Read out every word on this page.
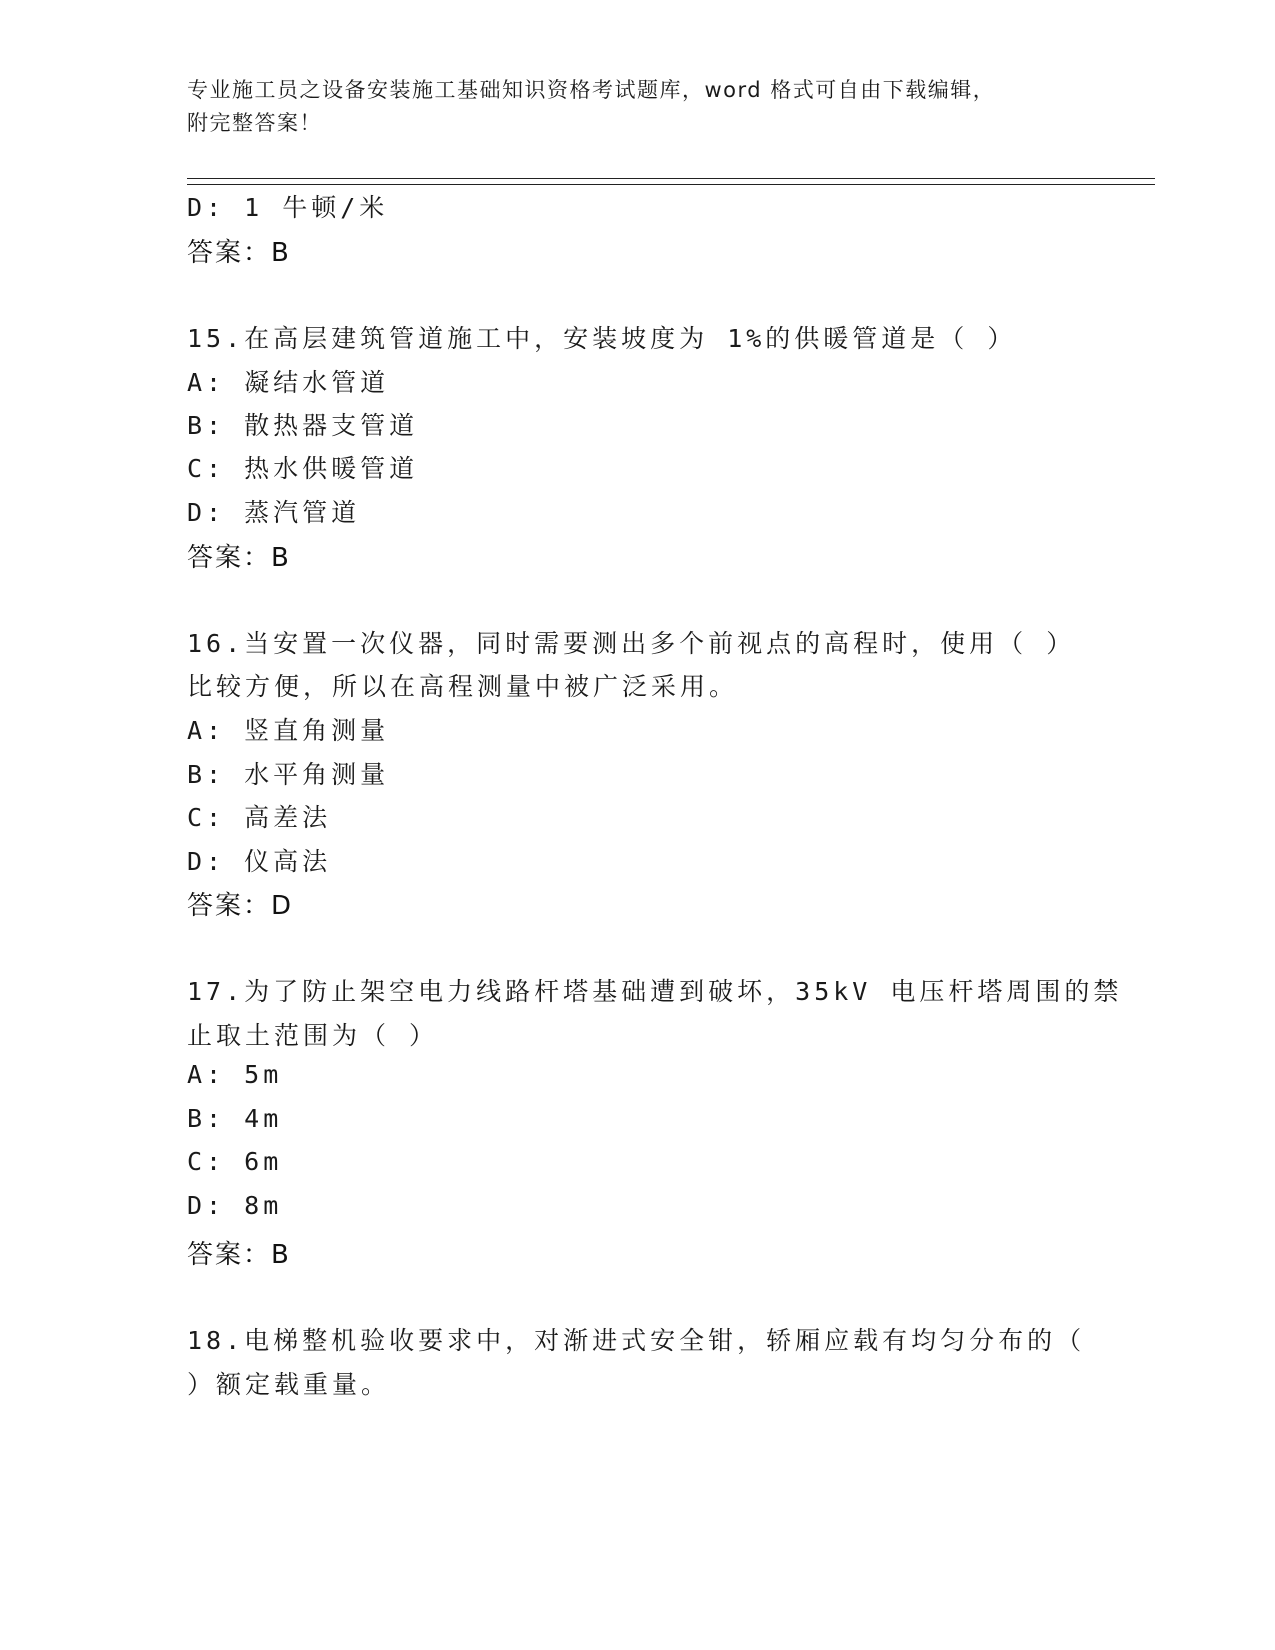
专业施工员之设备安装施工基础知识资格考试题库，word 格式可自由下载编辑，
附完整答案！
D: 1 牛顿/米
答案：B
15.在高层建筑管道施工中，安装坡度为 1%的供暖管道是（ ）
A: 凝结水管道
B: 散热器支管道
C: 热水供暖管道
D: 蒸汽管道
答案：B
16.当安置一次仪器，同时需要测出多个前视点的高程时，使用（ ）
比较方便，所以在高程测量中被广泛采用。
A: 竖直角测量
B: 水平角测量
C: 高差法
D: 仪高法
答案：D
17.为了防止架空电力线路杆塔基础遭到破坏，35kV 电压杆塔周围的禁
止取土范围为（ ）
A: 5m
B: 4m
C: 6m
D: 8m
答案：B
18.电梯整机验收要求中，对渐进式安全钳，轿厢应载有均匀分布的（
）额定载重量。
